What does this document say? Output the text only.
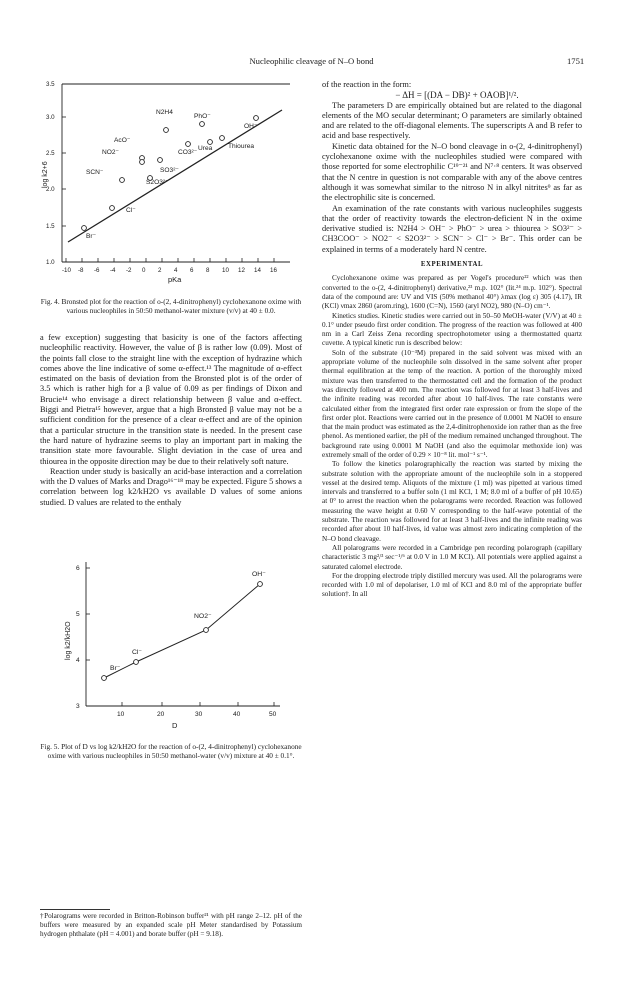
Nucleophilic cleavage of N–O bond	1751
3.5
3.0
2.5
2.0
1.5
1.0
-10 -8 -6 -4 -2 0 2 4 6 8 10 12 14 16
N2H4
PhO⁻
OH⁻
AcO⁻
CO3²⁻
Urea Thiourea
NO2⁻
SO3²⁻
SCN⁻
S2O3²⁻
Cl⁻
Br⁻
log k2+6
pKa
Fig. 4. Bronsted plot for the reaction of o-(2, 4-dinitrophenyl) cyclohexanone oxime with various nucleophiles in 50:50 methanol-water mixture (v/v) at 40 ± 0.0.

a few exception) suggesting that basicity is one of the factors affecting nucleophilic reactivity. However, the value of β is rather low (0.09). Most of the points fall close to the straight line with the exception of hydrazine which comes above the line indicative of some α-effect.¹³ The magnitude of α-effect estimated on the basis of deviation from the Bronsted plot is of the order of 3.5 which is rather high for a β value of 0.09 as per findings of Dixon and Brucie¹⁴ who envisage a direct relationship between β value and α-effect. Biggi and Pietra¹⁵ however, argue that a high Bronsted β value may not be a sufficient condition for the presence of a clear α-effect and are of the opinion that a particular structure in the transition state is needed. In the present case the hard nature of hydrazine seems to play an important part in making the transition state more favourable. Slight deviation in the case of urea and thiourea in the opposite direction may be due to their relatively soft nature.

Reaction under study is basically an acid-base interaction and a correlation with the D values of Marks and Drago¹⁶⁻¹⁸ may be expected. Figure 5 shows a correlation between log k2/kH2O vs available D values of some anions studied. D values are related to the enthaly

3
4
5
6
10	20	30	40	50
OH⁻
NO2⁻
Cl⁻
Br⁻
log k2/kH2O
D
Fig. 5. Plot of D vs log k2/kH2O for the reaction of o-(2, 4-dinitrophenyl) cyclohexanone oxime with various nucleophiles in 50:50 methanol-water (v/v) mixture at 40 ± 0.1°.
†Polarograms were recorded in Britton-Robinson buffer²¹ with pH range 2–12. pH of the buffers were measured by an expanded scale pH Meter standardised by Potassium hydrogen phthalate (pH = 4.001) and borate buffer (pH = 9.18).

of the reaction in the form:

− ΔH = [(DA − DB)² + OAOB]¹/².

The parameters D are empirically obtained but are related to the diagonal elements of the MO secular determinant; O parameters are similarly obtained and are related to the off-diagonal elements. The superscripts A and B refer to acid and base respectively.

Kinetic data obtained for the N–O bond cleavage in o-(2, 4-dinitrophenyl) cyclohexanone oxime with the nucleophiles studied were compared with those reported for some electrophilic C¹⁹⁻²¹ and N⁷·⁸ centers. It was observed that the N centre in question is not comparable with any of the above centres although it was somewhat similar to the nitroso N in alkyl nitrites⁹ as far as the electrophilic site is concerned.

An examination of the rate constants with various nucleophiles suggests that the order of reactivity towards the electron-deficient N in the oxime derivative studied is: N2H4 > OH⁻ > PhO⁻ > urea > thiourea > SO3²⁻ > CH3COO⁻ > NO2⁻ < S2O3²⁻ > SCN⁻ > Cl⁻ > Br⁻. This order can be explained in terms of a moderately hard N centre.

EXPERIMENTAL

Cyclohexanone oxime was prepared as per Vogel's procedure²² which was then converted to the o-(2, 4-dinitrophenyl) derivative,²³ m.p. 102° (lit.²⁴ m.p. 102°). Spectral data of the compound are: UV and VIS (50% methanol 40°) λmax (log ε) 305 (4.17), IR (KCl) νmax 2860 (arom.ring), 1600 (C=N), 1560 (aryl NO2), 980 (N–O) cm⁻¹.

Kinetics studies. Kinetic studies were carried out in 50–50 MeOH-water (V/V) at 40 ± 0.1° under pseudo first order condition. The progress of the reaction was followed at 400 nm in a Carl Zeiss Zena recording spectrophotometer using a thermostatted quartz cuvette. A typical kinetic run is described below:

Soln of the substrate (10⁻³M) prepared in the said solvent was mixed with an appropriate volume of the nucleophile soln dissolved in the same solvent after proper thermal equilibration at the temp of the reaction. A portion of the thoroughly mixed mixture was then transferred to the thermostatted cell and the formation of the product was directly followed at 400 nm. The reaction was followed for at least 3 half-lives and the infinite reading was recorded after about 10 half-lives. The rate constants were calculated either from the integrated first order rate expression or from the slope of the first order plot. Reactions were carried out in the presence of 0.0001 M NaOH to ensure that the main product was estimated as the 2,4-dinitrophenoxide ion rather than as the free phenol. As mentioned earlier, the pH of the medium remained unchanged throughout. The background rate using 0.0001 M NaOH (and also the equimolar methoxide ion) was extremely small of the order of 0.29 × 10⁻⁸ lit. mol⁻¹ s⁻¹.

To follow the kinetics polarographically the reaction was started by mixing the substrate solution with the appropriate amount of the nucleophile soln in a stoppered vessel at the desired temp. Aliquots of the mixture (1 ml) was pipetted at various timed intervals and transferred to a buffer soln (1 ml KCl, 1 M; 8.0 ml of a buffer of pH 10.65) at 0° to arrest the reaction when the polarograms were recorded. Reaction was followed measuring the wave height at 0.60 V corresponding to the half-wave potential of the substrate. The reaction was followed for at least 3 half-lives and the infinite reading was recorded after about 10 half-lives, id value was almost zero indicating completion of the N–O bond cleavage.

All polarograms were recorded in a Cambridge pen recording polarograph (capillary characteristic 3 mg²/³ sec⁻¹/⁶ at 0.0 V in 1.0 M KCl). All potentials were applied against a saturated calomel electrode.

For the dropping electrode triply distilled mercury was used. All the polarograms were recorded with 1.0 ml of depolariser, 1.0 ml of KCl and 8.0 ml of the appropriate buffer solution†. In all
